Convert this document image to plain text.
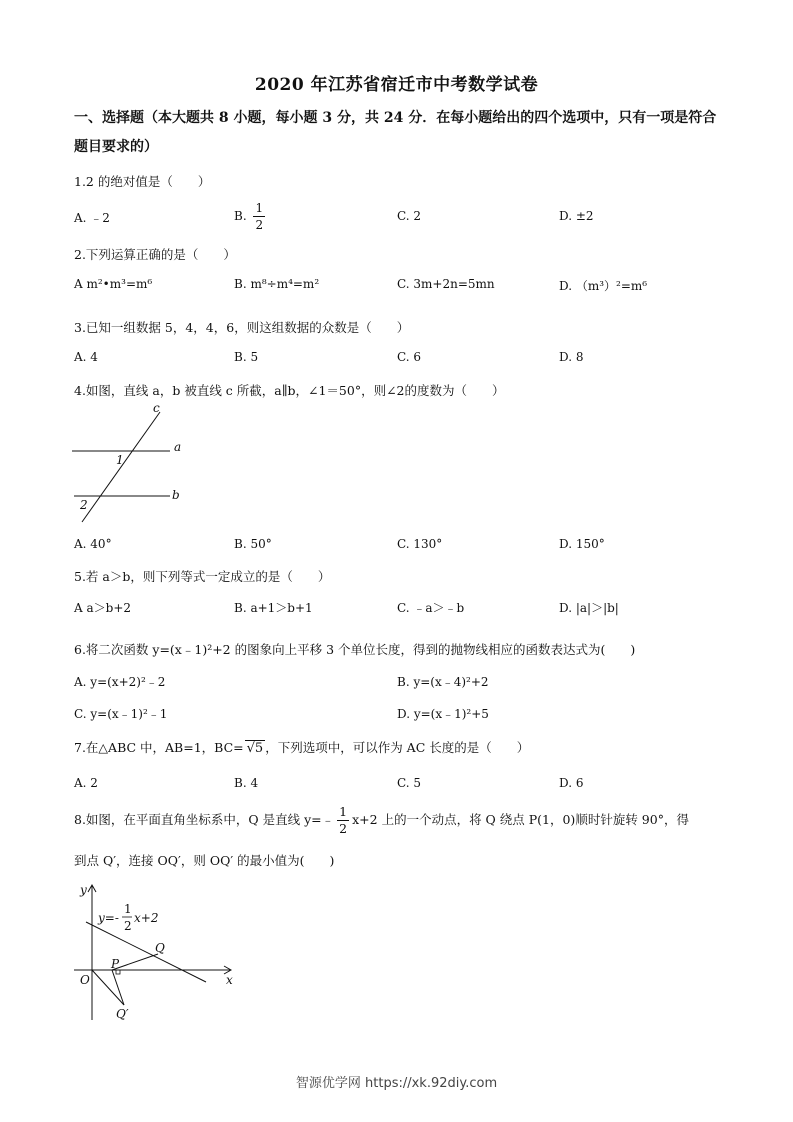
2020 年江苏省宿迁市中考数学试卷
一、选择题（本大题共 8 小题，每小题 3 分，共 24 分．在每小题给出的四个选项中，只有一项是符合题目要求的）
1.2 的绝对值是（　　）
A. ﹣2	B. $\frac{1}{2}$	C. 2	D. ±2
2.下列运算正确的是（　　）
A m²•m³=m⁶	B. m⁸÷m⁴=m²	C. 3m+2n=5mn	D. （m³）²=m⁶
3.已知一组数据 5，4，4，6，则这组数据的众数是（　　）
A. 4	B. 5	C. 6	D. 8
4.如图，直线 a，b 被直线 c 所截，a∥b，∠1＝50°，则∠2的度数为（　　）
c
a
b
1
2
A. 40°	B. 50°	C. 130°	D. 150°
5.若 a＞b，则下列等式一定成立的是（　　）
A a＞b+2	B. a+1＞b+1	C. ﹣a＞﹣b	D. |a|＞|b|
6.将二次函数 y=(x﹣1)²+2 的图象向上平移 3 个单位长度，得到的抛物线相应的函数表达式为(　　)
A. y=(x+2)²﹣2	B. y=(x﹣4)²+2
C. y=(x﹣1)²﹣1	D. y=(x﹣1)²+5
7.在△ABC 中，AB=1，BC= √5 ，下列选项中，可以作为 AC 长度的是（　　）
A. 2	B. 4	C. 5	D. 6
8.如图，在平面直角坐标系中，Q 是直线 y=﹣ $\frac{1}{2} x+2$ 上的一个动点，将 Q 绕点 P(1，0)顺时针旋转 90°，得
到点 Q′，连接 OQ′，则 OQ′ 的最小值为(　　)
y
x
O
P
Q
Q′
y=-
1
2
x+2
智源优学网 https://xk.92diy.com
